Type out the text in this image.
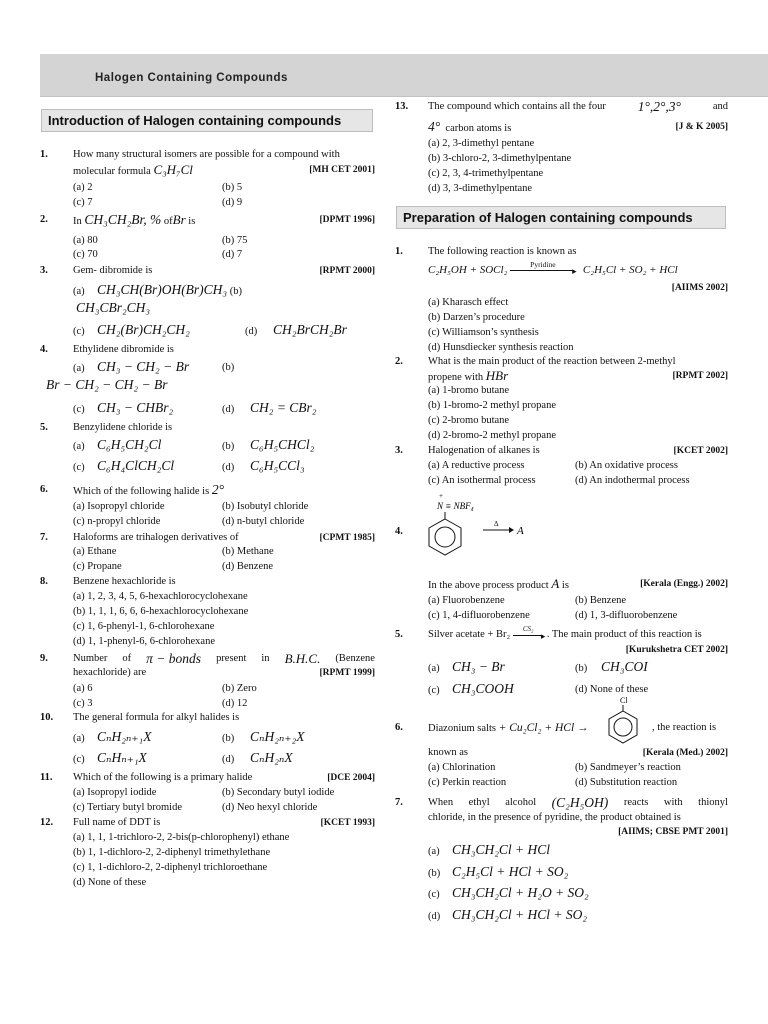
Halogen Containing Compounds
Introduction of Halogen containing compounds
1. How many structural isomers are possible for a compound with
molecular formula C₃H₇Cl	[MH CET 2001]
(a) 2	(b) 5
(c) 7	(d) 9
2. In CH₃CH₂Br, % ofBr is	[DPMT 1996]
(a) 80	(b) 75
(c) 70	(d) 7
3. Gem- dibromide is	[RPMT 2000]
(a) CH₃CH(Br)OH(Br)CH₃ (b)
CH₃CBr₂CH₃
(c) CH₂(Br)CH₂CH₂	(d) CH₂BrCH₂Br
4. Ethylidene dibromide is
(a) CH₃ − CH₂ − Br	(b)
Br − CH₂ − CH₂ − Br
(c) CH₃ − CHBr₂	(d) CH₂ = CBr₂
5. Benzylidene chloride is
(a) C₆H₅CH₂Cl	(b) C₆H₅CHCl₂
(c) C₆H₄ClCH₂Cl	(d) C₆H₅CCl₃
6. Which of the following halide is 2°
(a) Isopropyl chloride	(b) Isobutyl chloride
(c) n-propyl chloride	(d) n-butyl chloride
7. Haloforms are trihalogen derivatives of	[CPMT 1985]
(a) Ethane	(b) Methane
(c) Propane	(d) Benzene
8. Benzene hexachloride is
(a) 1, 2, 3, 4, 5, 6-hexachlorocyclohexane
(b) 1, 1, 1, 6, 6, 6-hexachlorocyclohexane
(c) 1, 6-phenyl-1, 6-chlorohexane
(d) 1, 1-phenyl-6, 6-chlorohexane
9. Number of π − bonds present in B.H.C. (Benzene
hexachloride) are	[RPMT 1999]
(a) 6	(b) Zero
(c) 3	(d) 12
10. The general formula for alkyl halides is
(a) CₙH₂ₙ₊₁X	(b) CₙH₂ₙ₊₂X
(c) CₙHₙ₊₁X	(d) CₙH₂ₙX
11. Which of the following is a primary halide	[DCE 2004]
(a) Isopropyl iodide	(b) Secondary butyl iodide
(c) Tertiary butyl bromide	(d) Neo hexyl chloride
12. Full name of DDT is	[KCET 1993]
(a) 1, 1, 1-trichloro-2, 2-bis(p-chlorophenyl) ethane
(b) 1, 1-dichloro-2, 2-diphenyl trimethylethane
(c) 1, 1-dichloro-2, 2-diphenyl trichloroethane
(d) None of these
13. The compound which contains all the four 1°,2°,3°	and
4° carbon atoms is	[J & K 2005]
(a) 2, 3-dimethyl pentane
(b) 3-chloro-2, 3-dimethylpentane
(c) 2, 3, 4-trimethylpentane
(d) 3, 3-dimethylpentane
Preparation of Halogen containing compounds
1. The following reaction is known as
C₂H₅OH + SOCl₂	Pyridine
▸ C₂H₅Cl + SO₂ + HCl
[AIIMS 2002]
(a) Kharasch effect
(b) Darzen’s procedure
(c) Williamson’s synthesis
(d) Hunsdiecker synthesis reaction
2. What is the main product of the reaction between 2-methyl
propene with HBr	[RPMT 2002]
(a) 1-bromo butane
(b) 1-bromo-2 methyl propane
(c) 2-bromo butane
(d) 2-bromo-2 methyl propane
3. Halogenation of alkanes is	[KCET 2002]
(a) A reductive process	(b) An oxidative process
(c) An isothermal process	(d) An indothermal process
4.
+
N ≡ NBF₄
Δ
A
In the above process product A is	[Kerala (Engg.) 2002]
(a) Fluorobenzene	(b) Benzene
(c) 1, 4-difluorobenzene	(d) 1, 3-difluorobenzene
5. Silver acetate + Br₂
CS₂
▸ . The main product of this reaction is
[Kurukshetra CET 2002]
(a) CH₃ − Br	(b) CH₃COI
(c) CH₃COOH	(d) None of these
6. Diazonium salts + Cu₂Cl₂ + HCl →
Cl
, the reaction is
known as	[Kerala (Med.) 2002]
(a) Chlorination	(b) Sandmeyer’s reaction
(c) Perkin reaction	(d) Substitution reaction
7. When ethyl alcohol (C₂H₅OH) reacts with thionyl
chloride, in the presence of pyridine, the product obtained is
[AIIMS; CBSE PMT 2001]
(a) CH₃CH₂Cl + HCl
(b) C₂H₅Cl + HCl + SO₂
(c) CH₃CH₂Cl + H₂O + SO₂
(d) CH₃CH₂Cl + HCl + SO₂
